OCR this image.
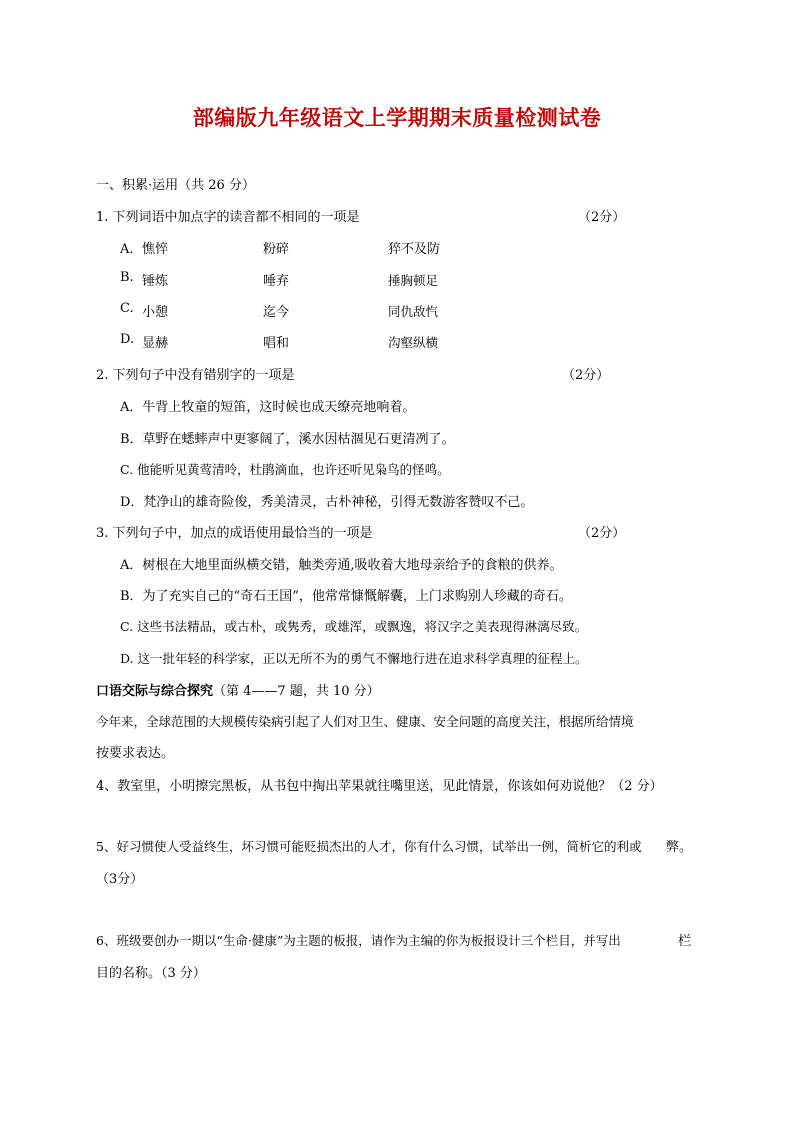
部编版九年级语文上学期期末质量检测试卷
一、积累·运用（共 26 分）
1. 下列词语中加点字的读音都不相同的一项是	（2分）
A． 憔悴	粉碎	猝不及防
B. 锤炼	唾弃	捶胸顿足
C. 小憩	迄今	同仇敌忾
D. 显赫	唱和	沟壑纵横
2. 下列句子中没有错别字的一项是	（2分）
A．牛背上牧童的短笛，这时候也成天缭亮地响着。
B．草野在蟋蟀声中更寥阔了，溪水因枯涸见石更清冽了。
C. 他能听见黄莺清呤，杜鹃滴血，也许还听见枭鸟的怪鸣。
D．梵净山的雄奇险俊，秀美清灵，古朴神秘，引得无数游客赞叹不己。
3. 下列句子中，加点的成语使用最恰当的一项是	（2分）
A．树根在大地里面纵横交错，触类旁通,吸收着大地母亲给予的食粮的供养。
B．为了充实自己的“奇石王国”，他常常慷慨解囊，上门求购别人珍藏的奇石。
C. 这些书法精品，或古朴，或隽秀，或雄浑，或飘逸，将汉字之美表现得淋漓尽致。
D. 这一批年轻的科学家，正以无所不为的勇气不懈地行进在追求科学真理的征程上。
口语交际与综合探究（第 4——7 题，共 10 分）
今年来，全球范围的大规模传染病引起了人们对卫生、健康、安全问题的高度关注，根据所给情境
按要求表达。
4、教室里，小明擦完黑板，从书包中掏出苹果就往嘴里送，见此情景，你该如何劝说他？（2 分）
5、好习惯使人受益终生，坏习惯可能贬损杰出的人才，你有什么习惯，试举出一例，简析它的利或 弊。
（3分）
6、班级要创办一期以“生命·健康”为主题的板报，请作为主编的你为板报设计三个栏目，并写出	栏
目的名称。（3 分）
